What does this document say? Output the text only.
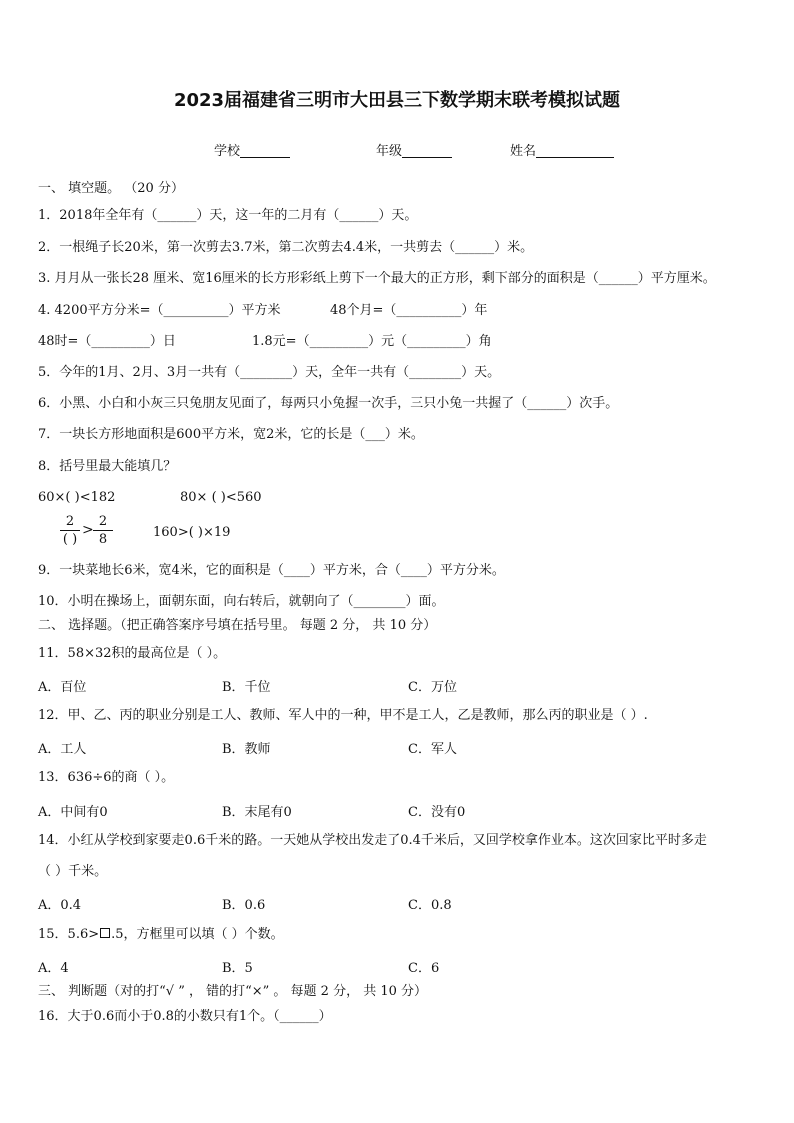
2023届福建省三明市大田县三下数学期末联考模拟试题
学校	年级	姓名
一、 填空题。 （20 分）
1．2018年全年有（______）天，这一年的二月有（______）天。
2．一根绳子长20米，第一次剪去3.7米，第二次剪去4.4米，一共剪去（______）米。
3. 月月从一张长28 厘米、宽16厘米的长方形彩纸上剪下一个最大的正方形，剩下部分的面积是（______）平方厘米。
4. 4200平方分米=（__________）平方米	48个月=（__________）年
48时=（_________）日	1.8元=（_________）元（_________）角
5．今年的1月、2月、3月一共有（________）天，全年一共有（________）天。
6．小黑、小白和小灰三只兔朋友见面了，每两只小兔握一次手，三只小兔一共握了（______）次手。
7．一块长方形地面积是600平方米，宽2米，它的长是（___）米。
8．括号里最大能填几？
60×( )<182	80× ( )<560
2
( )
>
2
8	160>( )×19
9．一块菜地长6米，宽4米，它的面积是（____）平方米，合（____）平方分米。
10．小明在操场上，面朝东面，向右转后，就朝向了（________）面。
二、 选择题。（把正确答案序号填在括号里。 每题 2 分， 共 10 分）
11．58×32积的最高位是（ ）。
A．百位	B．千位	C．万位
12．甲、乙、丙的职业分别是工人、教师、军人中的一种，甲不是工人，乙是教师，那么丙的职业是（ ）.
A．工人	B．教师	C．军人
13．636÷6的商（ ）。
A．中间有0	B．末尾有0	C．没有0
14．小红从学校到家要走0.6千米的路。一天她从学校出发走了0.4千米后，又回学校拿作业本。这次回家比平时多走
（ ）千米。
A．0.4	B．0.6	C．0.8
15．5.6> .5，方框里可以填（ ）个数。
A．4	B．5	C．6
三、 判断题（对的打“√ ” ， 错的打“×” 。 每题 2 分， 共 10 分）
16．大于0.6而小于0.8的小数只有1个。（______）
